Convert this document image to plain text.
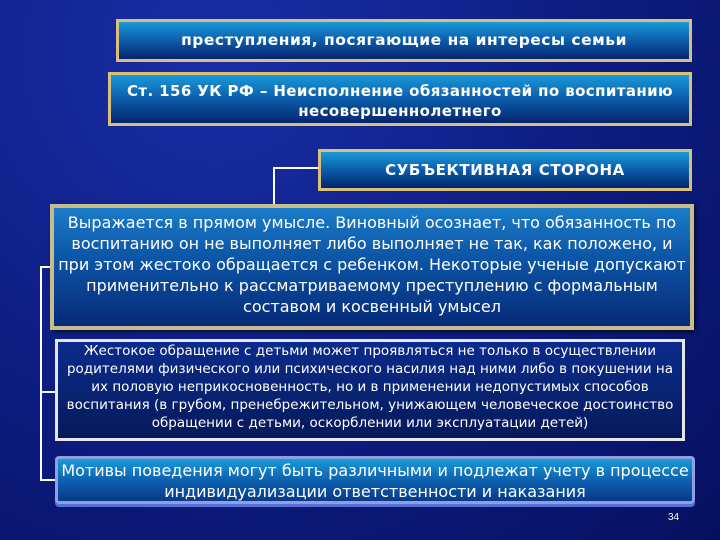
преступления, посягающие на интересы семьи
Ст. 156 УК РФ – Неисполнение обязанностей по воспитанию несовершеннолетнего
СУБЪЕКТИВНАЯ СТОРОНА
Выражается в прямом умысле. Виновный осознает, что обязанность по воспитанию он не выполняет либо выполняет не так, как положено, и при этом жестоко обращается с ребенком. Некоторые ученые допускают применительно к рассматриваемому преступлению с формальным составом и косвенный умысел
Жестокое обращение с детьми может проявляться не только в осуществлении родителями физического или психического насилия над ними либо в покушении на их половую неприкосновенность, но и в применении недопустимых способов воспитания (в грубом, пренебрежительном, унижающем человеческое достоинство обращении с детьми, оскорблении или эксплуатации детей)
Мотивы поведения могут быть различными и подлежат учету в процессе индивидуализации ответственности и наказания
34
